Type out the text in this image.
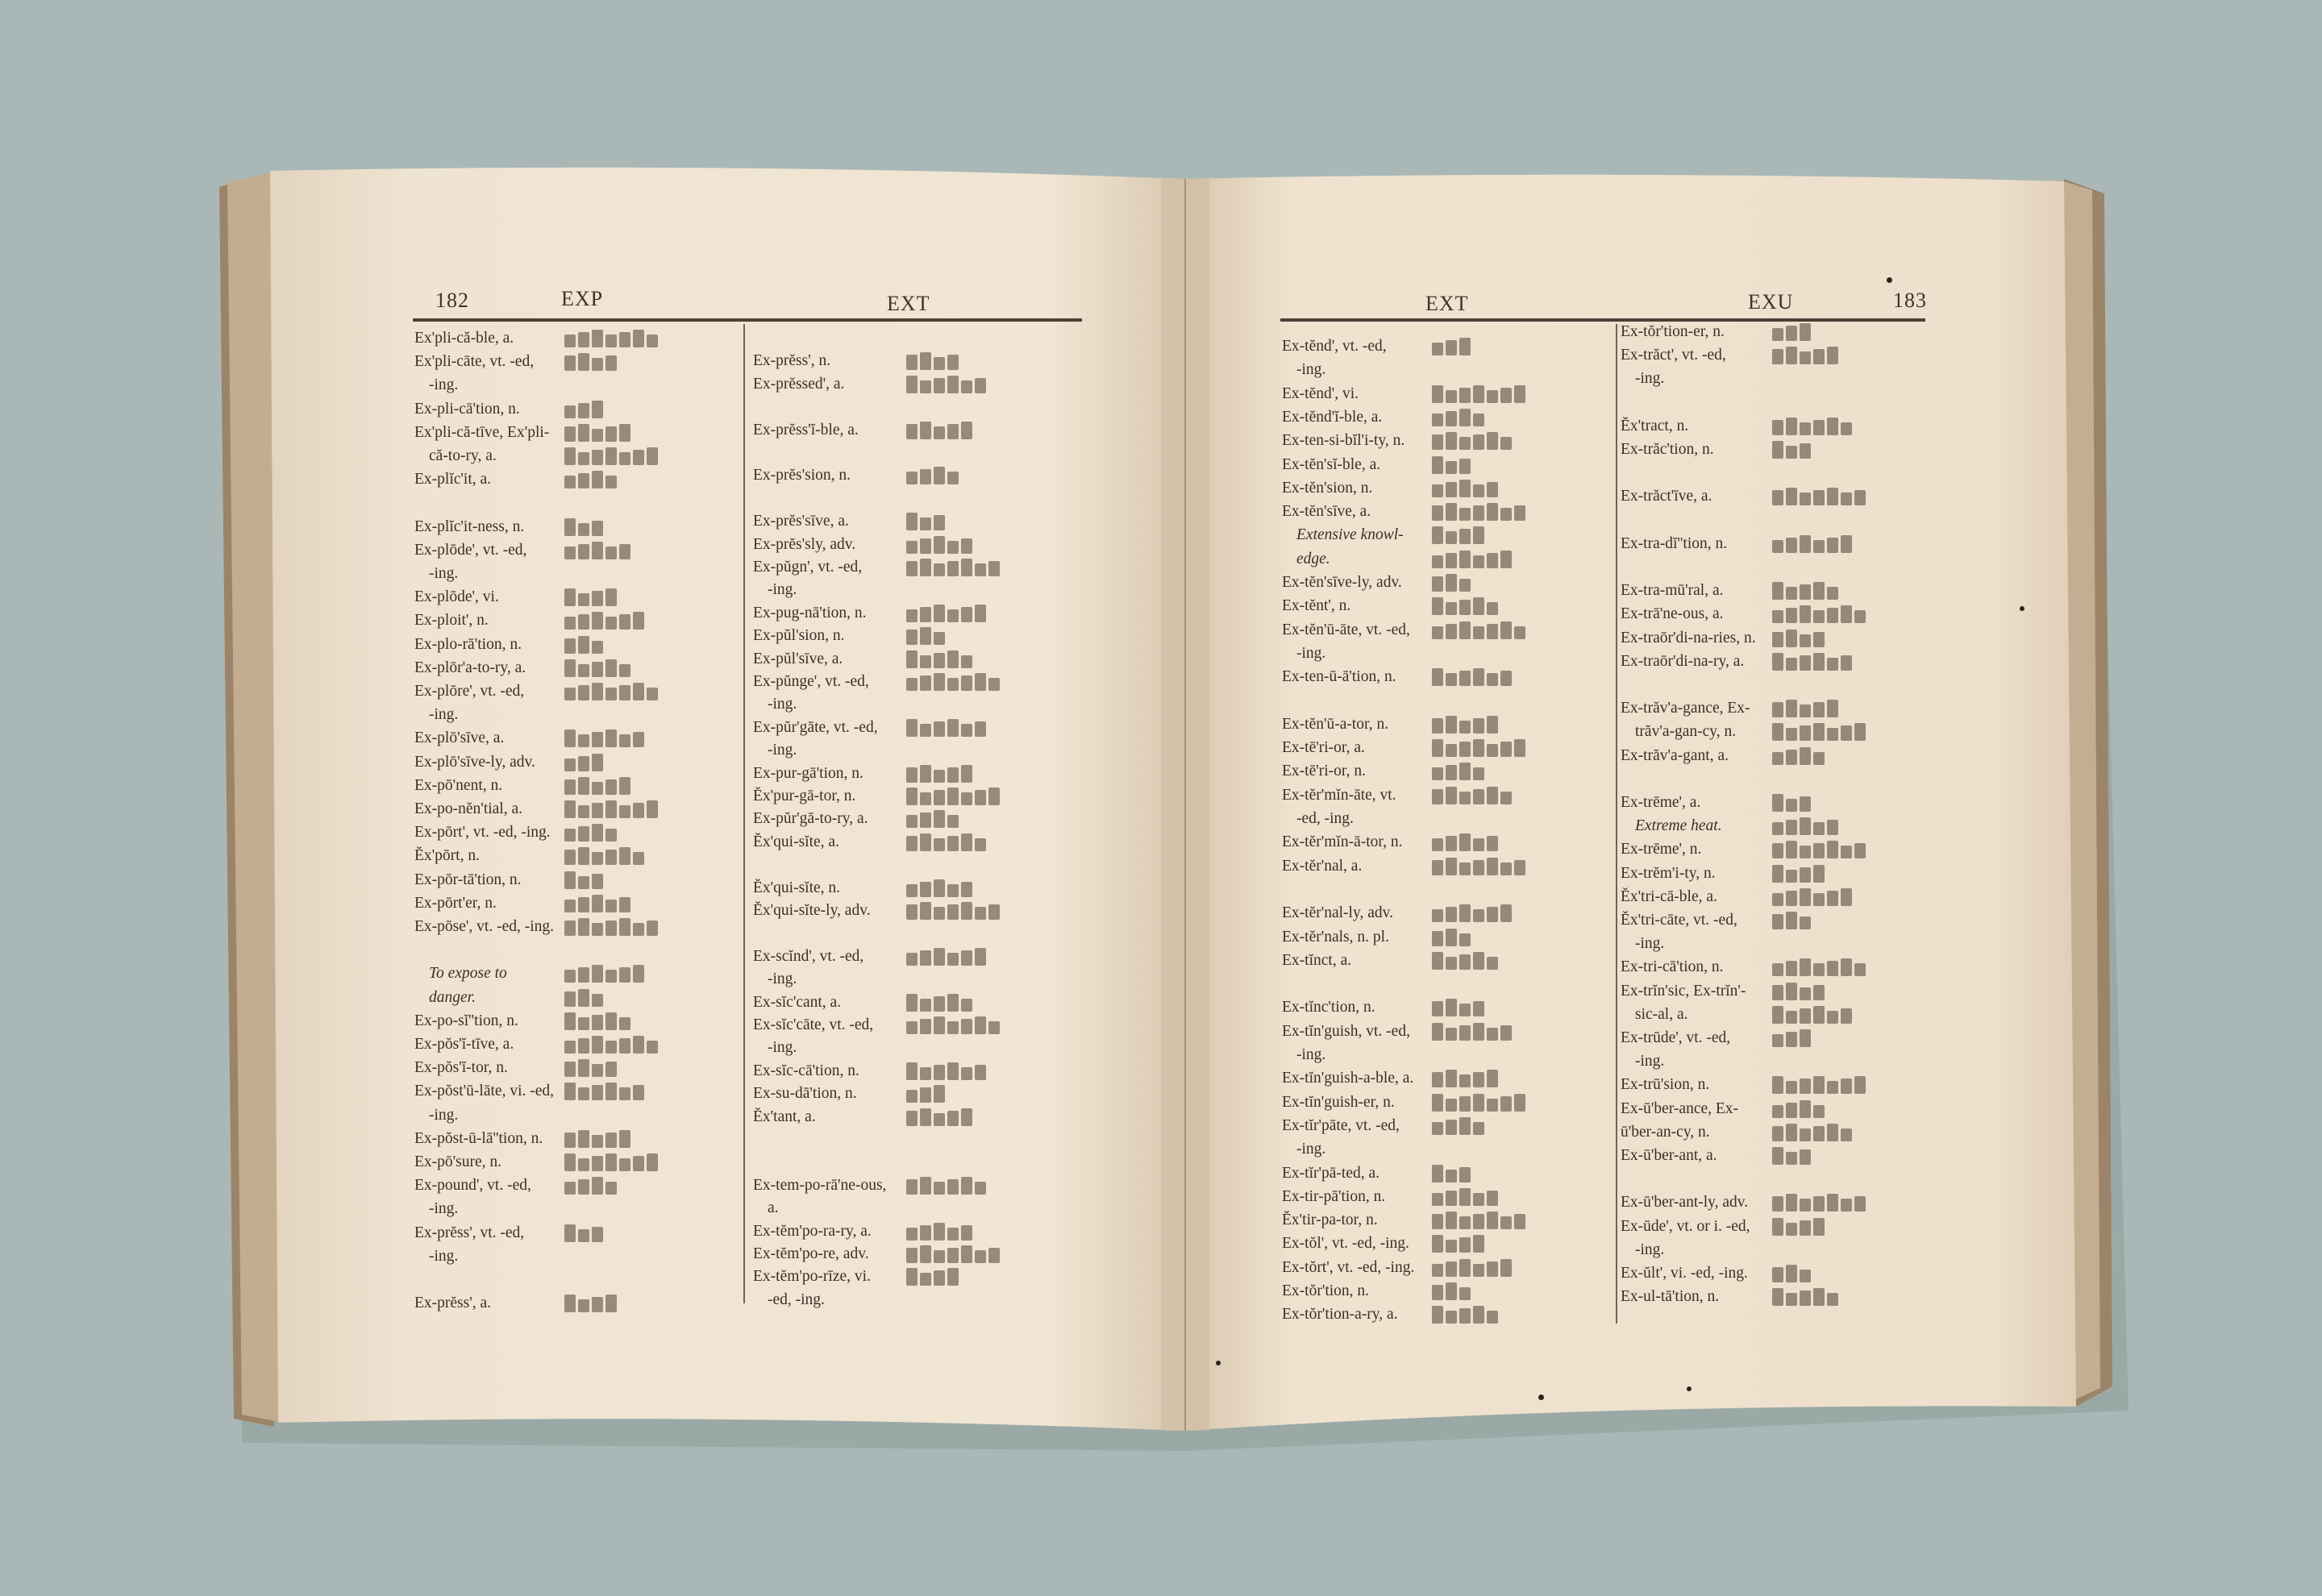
182	EXP	EXT
Ex'pli-că-ble, a.
Ex'pli-cāte, vt. -ed,
-ing.
Ex-pli-cā'tion, n.
Ex'pli-că-tīve, Ex'pli-
că-to-ry, a.
Ex-plĭc'it, a.
Ex-plĭc'it-ness, n.
Ex-plōde', vt. -ed,
-ing.
Ex-plōde', vi.
Ex-ploit', n.
Ex-plo-rā'tion, n.
Ex-plōr'a-to-ry, a.
Ex-plōre', vt. -ed,
-ing.
Ex-plō'sīve, a.
Ex-plō'sīve-ly, adv.
Ex-pō'nent, n.
Ex-po-nĕn'tial, a.
Ex-pōrt', vt. -ed, -ing.
Ĕx'pōrt, n.
Ex-pōr-tā'tion, n.
Ex-pōrt'er, n.
Ex-pōse', vt. -ed, -ing.
To expose to
danger.
Ex-po-sĭ''tion, n.
Ex-pŏs'ĭ-tīve, a.
Ex-pŏs'ĭ-tor, n.
Ex-pŏst'ū-lāte, vi. -ed,
-ing.
Ex-pŏst-ū-lā''tion, n.
Ex-pō'sure, n.
Ex-pound', vt. -ed,
-ing.
Ex-prĕss', vt. -ed,
-ing.
Ex-prĕss', a.
Ex-prĕss', n.
Ex-prĕssed', a.
Ex-prĕss'ĭ-ble, a.
Ex-prĕs'sion, n.
Ex-prĕs'sīve, a.
Ex-prĕs'sly, adv.
Ex-pŭgn', vt. -ed,
-ing.
Ex-pug-nā'tion, n.
Ex-pŭl'sion, n.
Ex-pŭl'sīve, a.
Ex-pŭnge', vt. -ed,
-ing.
Ex-pŭr'gāte, vt. -ed,
-ing.
Ex-pur-gā'tion, n.
Ĕx'pur-gā-tor, n.
Ex-pŭr'gā-to-ry, a.
Ĕx'qui-sĭte, a.
Ĕx'qui-sĭte, n.
Ĕx'qui-sĭte-ly, adv.
Ex-scĭnd', vt. -ed,
-ing.
Ex-sĭc'cant, a.
Ex-sĭc'cāte, vt. -ed,
-ing.
Ex-sĭc-cā'tion, n.
Ex-su-dā'tion, n.
Ĕx'tant, a.
Ex-tem-po-rā'ne-ous,
a.
Ex-tĕm'po-ra-ry, a.
Ex-tĕm'po-re, adv.
Ex-tĕm'po-rīze, vi.
-ed, -ing.
EXT	EXU	183
Ex-tĕnd', vt. -ed,
-ing.
Ex-tĕnd', vi.
Ex-tĕnd'ĭ-ble, a.
Ex-ten-si-bĭl'i-ty, n.
Ex-tĕn'sĭ-ble, a.
Ex-tĕn'sion, n.
Ex-tĕn'sīve, a.
Extensive knowl-
edge.
Ex-tĕn'sīve-ly, adv.
Ex-tĕnt', n.
Ex-tĕn'ū-āte, vt. -ed,
-ing.
Ex-ten-ū-ā'tion, n.
Ex-tĕn'ū-a-tor, n.
Ex-tē'ri-or, a.
Ex-tē'ri-or, n.
Ex-tĕr'mĭn-āte, vt.
-ed, -ing.
Ex-tĕr'mĭn-ā-tor, n.
Ex-tĕr'nal, a.
Ex-tĕr'nal-ly, adv.
Ex-tĕr'nals, n. pl.
Ex-tĭnct, a.
Ex-tĭnc'tion, n.
Ex-tĭn'guish, vt. -ed,
-ing.
Ex-tĭn'guish-a-ble, a.
Ex-tĭn'guish-er, n.
Ex-tĭr'pāte, vt. -ed,
-ing.
Ex-tĭr'pā-ted, a.
Ex-tir-pā'tion, n.
Ĕx'tir-pa-tor, n.
Ex-tŏl', vt. -ed, -ing.
Ex-tŏrt', vt. -ed, -ing.
Ex-tŏr'tion, n.
Ex-tŏr'tion-a-ry, a.
Ex-tŏr'tion-er, n.
Ex-trăct', vt. -ed,
-ing.
Ĕx'tract, n.
Ex-trăc'tion, n.
Ex-trăct'īve, a.
Ex-tra-dĭ''tion, n.
Ex-tra-mū'ral, a.
Ex-trā'ne-ous, a.
Ex-traōr'di-na-ries, n.
Ex-traōr'di-na-ry, a.
Ex-trăv'a-gance, Ex-
trăv'a-gan-cy, n.
Ex-trăv'a-gant, a.
Ex-trēme', a.
Extreme heat.
Ex-trēme', n.
Ex-trĕm'i-ty, n.
Ĕx'tri-cā-ble, a.
Ĕx'tri-cāte, vt. -ed,
-ing.
Ex-tri-cā'tion, n.
Ex-trĭn'sic, Ex-trĭn'-
sic-al, a.
Ex-trūde', vt. -ed,
-ing.
Ex-trū'sion, n.
Ex-ū'ber-ance, Ex-
ū'ber-an-cy, n.
Ex-ū'ber-ant, a.
Ex-ū'ber-ant-ly, adv.
Ex-ūde', vt. or i. -ed,
-ing.
Ex-ŭlt', vi. -ed, -ing.
Ex-ul-tā'tion, n.
